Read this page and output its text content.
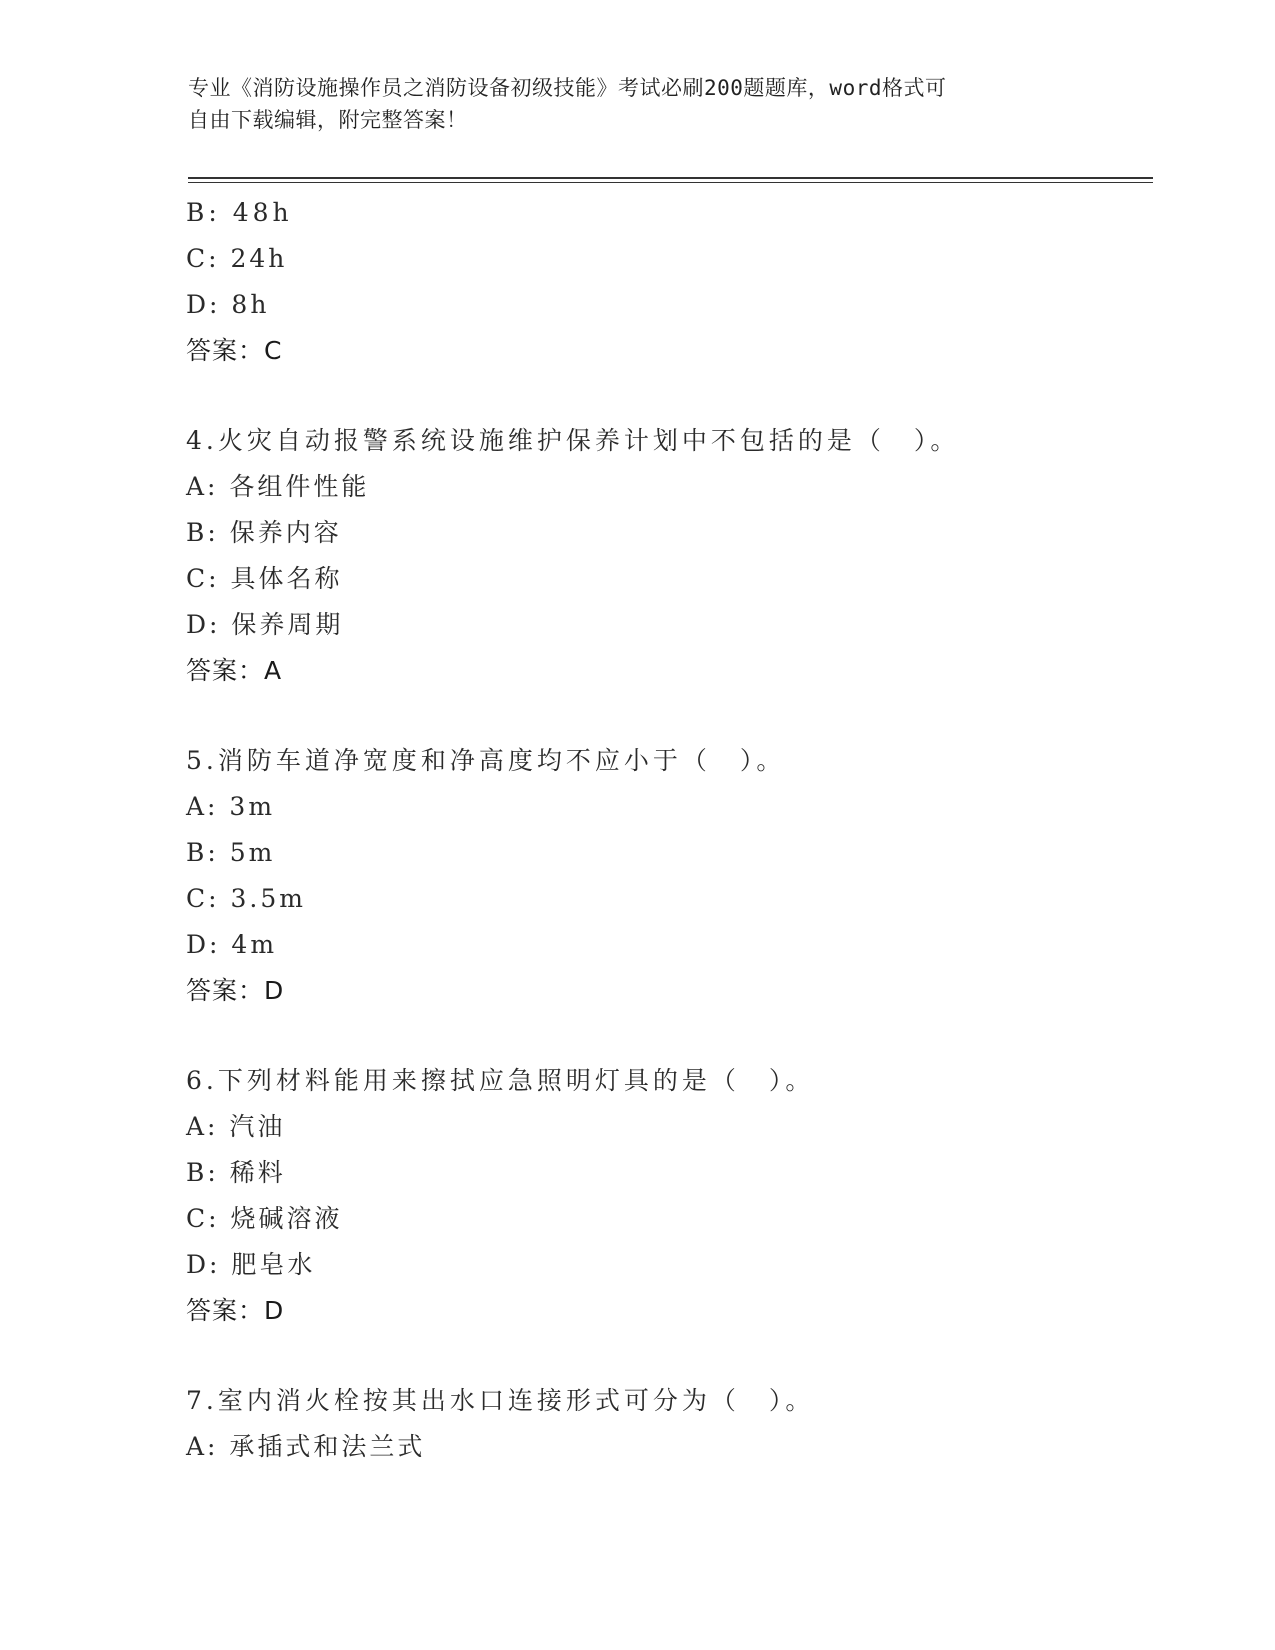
专业《消防设施操作员之消防设备初级技能》考试必刷200题题库，word格式可
自由下载编辑，附完整答案！
B: 48h
C: 24h
D: 8h
答案：C
4.火灾自动报警系统设施维护保养计划中不包括的是（　）。
A: 各组件性能
B: 保养内容
C: 具体名称
D: 保养周期
答案：A
5.消防车道净宽度和净高度均不应小于（　）。
A: 3m
B: 5m
C: 3.5m
D: 4m
答案：D
6.下列材料能用来擦拭应急照明灯具的是（　）。
A: 汽油
B: 稀料
C: 烧碱溶液
D: 肥皂水
答案：D
7.室内消火栓按其出水口连接形式可分为（　）。
A: 承插式和法兰式
